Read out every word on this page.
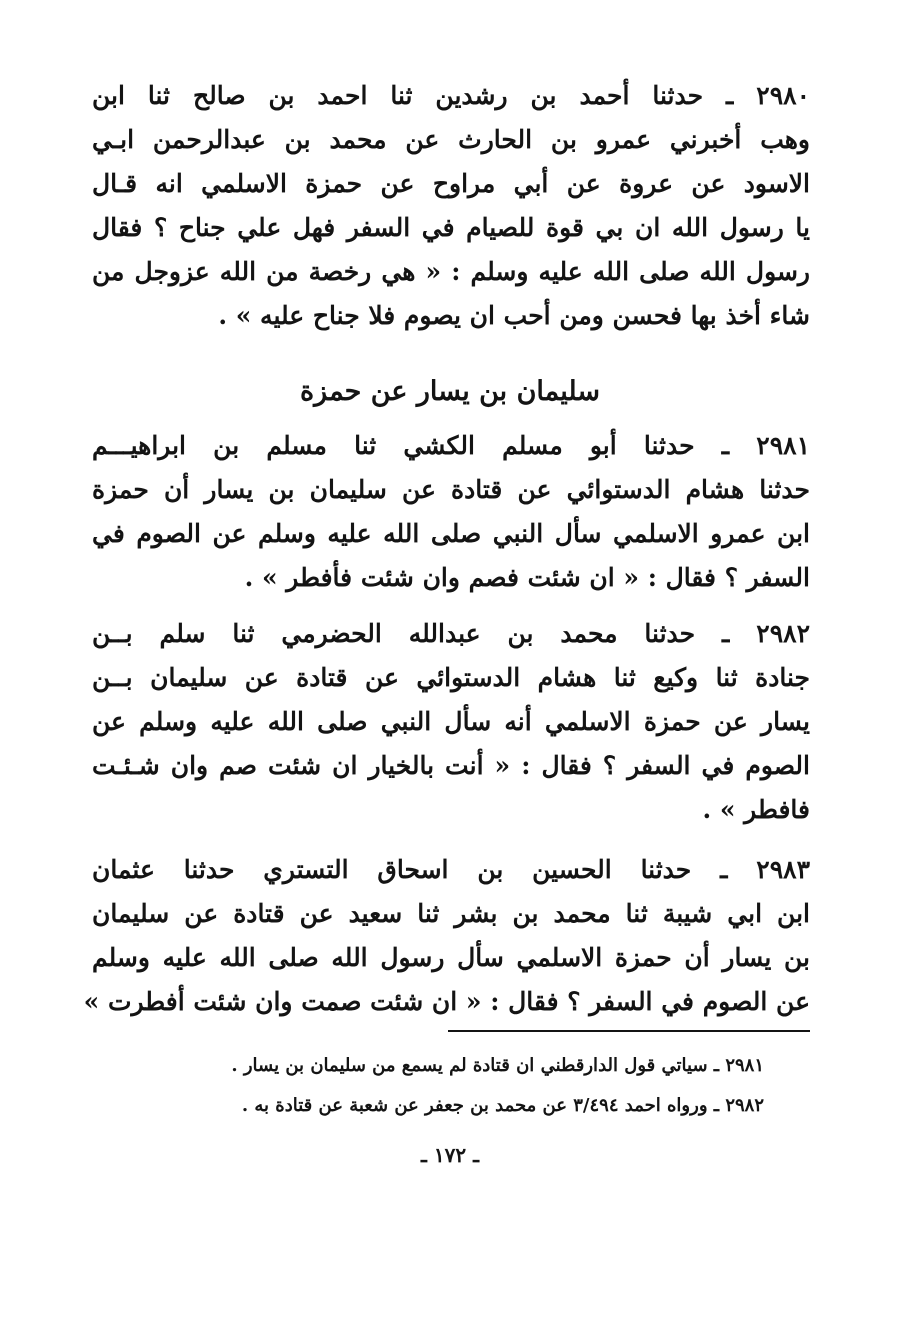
٢٩٨٠ ـ حدثنا أحمد بن رشدين ثنا احمد بن صالح ثنا ابن
وهب أخبرني عمرو بن الحارث عن محمد بن عبدالرحمن ابـي
الاسود عن عروة عن أبي مراوح عن حمزة الاسلمي انه قـال
يا رسول الله ان بي قوة للصيام في السفر فهل علي جناح ؟ فقال
رسول الله صلى الله عليه وسلم : « هي رخصة من الله عزوجل من
شاء أخذ بها فحسن ومن أحب ان يصوم فلا جناح عليه » .
سليمان بن يسار عن حمزة
٢٩٨١ ـ حدثنا أبو مسلم الكشي ثنا مسلم بن ابراهيـــم
حدثنا هشام الدستوائي عن قتادة عن سليمان بن يسار أن حمزة
ابن عمرو الاسلمي سأل النبي صلى الله عليه وسلم عن الصوم في
السفر ؟ فقال : « ان شئت فصم وان شئت فأفطر » .
٢٩٨٢ ـ حدثنا محمد بن عبدالله الحضرمي ثنا سلم بــن
جنادة ثنا وكيع ثنا هشام الدستوائي عن قتادة عن سليمان بــن
يسار عن حمزة الاسلمي أنه سأل النبي صلى الله عليه وسلم عن
الصوم في السفر ؟ فقال : « أنت بالخيار ان شئت صم وان شـئـت
فافطر » .
٢٩٨٣ ـ حدثنا الحسين بن اسحاق التستري حدثنا عثمان
ابن ابي شيبة ثنا محمد بن بشر ثنا سعيد عن قتادة عن سليمان
بن يسار أن حمزة الاسلمي سأل رسول الله صلى الله عليه وسلم
عن الصوم في السفر ؟ فقال : « ان شئت صمت وان شئت أفطرت »
٢٩٨١ ـ سياتي قول الدارقطني ان قتادة لم يسمع من سليمان بن يسار .
٢٩٨٢ ـ ورواه احمد ٣/٤٩٤ عن محمد بن جعفر عن شعبة عن قتادة به .
ـ ١٧٢ ـ
